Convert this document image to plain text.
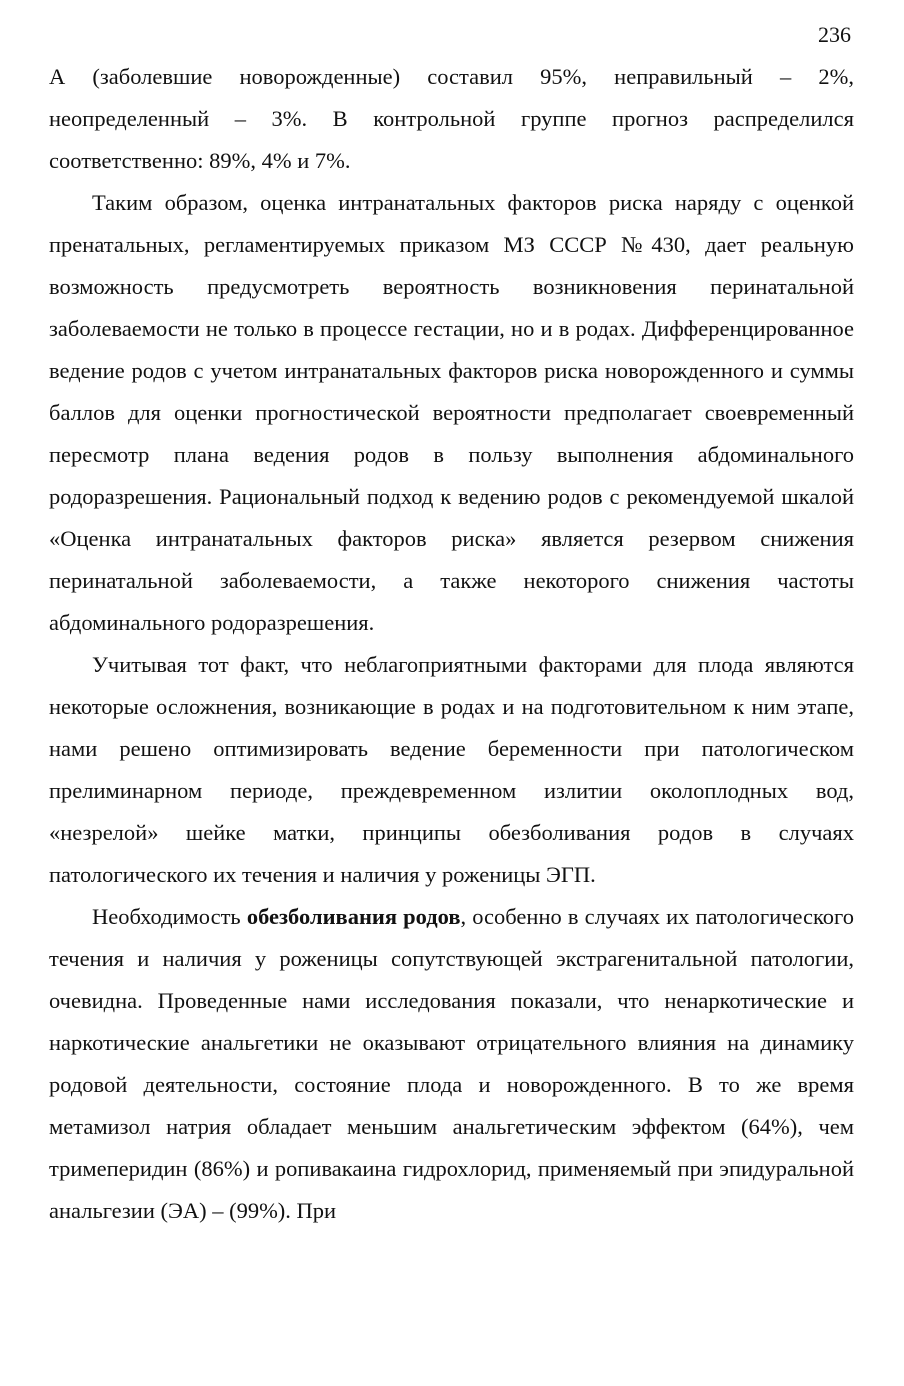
236

А (заболевшие новорожденные) составил 95%, неправильный – 2%, неопределенный – 3%. В контрольной группе прогноз распределился соответственно: 89%, 4% и 7%.

Таким образом, оценка интранатальных факторов риска наряду с оценкой пренатальных, регламентируемых приказом МЗ СССР №430, дает реальную возможность предусмотреть вероятность возникновения перинатальной заболеваемости не только в процессе гестации, но и в родах. Дифференцированное ведение родов с учетом интранатальных факторов риска новорожденного и суммы баллов для оценки прогностической вероятности предполагает своевременный пересмотр плана ведения родов в пользу выполнения абдоминального родоразрешения. Рациональный подход к ведению родов с рекомендуемой шкалой «Оценка интранатальных факторов риска» является резервом снижения перинатальной заболеваемости, а также некоторого снижения частоты абдоминального родоразрешения.

Учитывая тот факт, что неблагоприятными факторами для плода являются некоторые осложнения, возникающие в родах и на подготовительном к ним этапе, нами решено оптимизировать ведение беременности при патологическом прелиминарном периоде, преждевременном излитии околоплодных вод, «незрелой» шейке матки, принципы обезболивания родов в случаях патологического их течения и наличия у роженицы ЭГП.

Необходимость обезболивания родов, особенно в случаях их патологического течения и наличия у роженицы сопутствующей экстрагенитальной патологии, очевидна. Проведенные нами исследования показали, что ненаркотические и наркотические анальгетики не оказывают отрицательного влияния на динамику родовой деятельности, состояние плода и новорожденного. В то же время метамизол натрия обладает меньшим анальгетическим эффектом (64%), чем тримеперидин (86%) и ропивакаина гидрохлорид, применяемый при эпидуральной анальгезии (ЭА) – (99%). При
